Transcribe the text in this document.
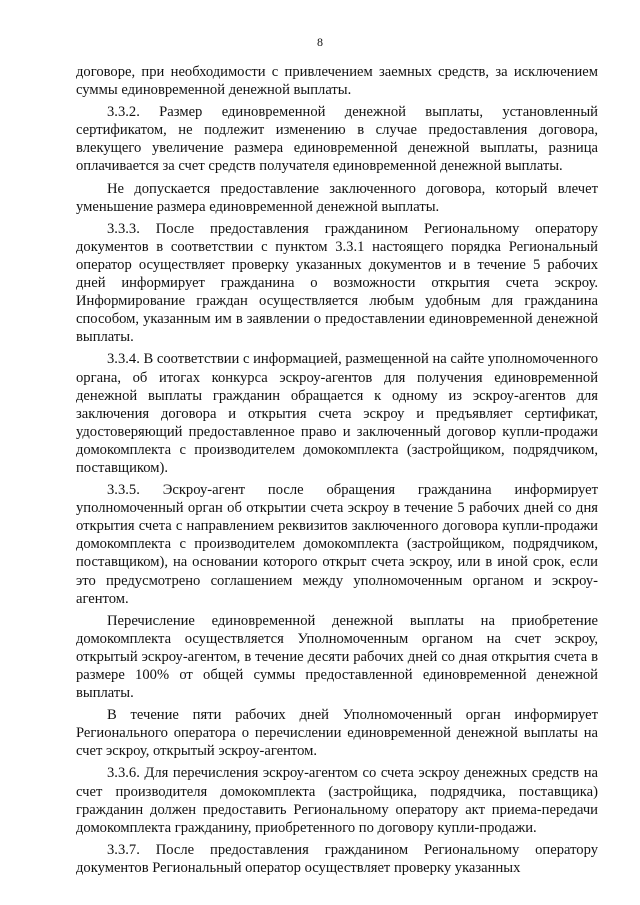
8

договоре, при необходимости с привлечением заемных средств, за исключением суммы единовременной денежной выплаты.

3.3.2. Размер единовременной денежной выплаты, установленный сертификатом, не подлежит изменению в случае предоставления договора, влекущего увеличение размера единовременной денежной выплаты, разница оплачивается за счет средств получателя единовременной денежной выплаты.

Не допускается предоставление заключенного договора, который влечет уменьшение размера единовременной денежной выплаты.

3.3.3. После предоставления гражданином Региональному оператору документов в соответствии с пунктом 3.3.1 настоящего порядка Региональный оператор осуществляет проверку указанных документов и в течение 5 рабочих дней информирует гражданина о возможности открытия счета эскроу. Информирование граждан осуществляется любым удобным для гражданина способом, указанным им в заявлении о предоставлении единовременной денежной выплаты.

3.3.4. В соответствии с информацией, размещенной на сайте уполномоченного органа, об итогах конкурса эскроу-агентов для получения единовременной денежной выплаты гражданин обращается к одному из эскроу-агентов для заключения договора и открытия счета эскроу и предъявляет сертификат, удостоверяющий предоставленное право и заключенный договор купли-продажи домокомплекта с производителем домокомплекта (застройщиком, подрядчиком, поставщиком).

3.3.5. Эскроу-агент после обращения гражданина информирует уполномоченный орган об открытии счета эскроу в течение 5 рабочих дней со дня открытия счета с направлением реквизитов заключенного договора купли-продажи домокомплекта с производителем домокомплекта (застройщиком, подрядчиком, поставщиком), на основании которого открыт счета эскроу, или в иной срок, если это предусмотрено соглашением между уполномоченным органом и эскроу-агентом.

Перечисление единовременной денежной выплаты на приобретение домокомплекта осуществляется Уполномоченным органом на счет эскроу, открытый эскроу-агентом, в течение десяти рабочих дней со дная открытия счета в размере 100% от общей суммы предоставленной единовременной денежной выплаты.

В течение пяти рабочих дней Уполномоченный орган информирует Регионального оператора о перечислении единовременной денежной выплаты на счет эскроу, открытый эскроу-агентом.

3.3.6. Для перечисления эскроу-агентом со счета эскроу денежных средств на счет производителя домокомплекта (застройщика, подрядчика, поставщика) гражданин должен предоставить Региональному оператору акт приема-передачи домокомплекта гражданину, приобретенного по договору купли-продажи.

3.3.7. После предоставления гражданином Региональному оператору документов Региональный оператор осуществляет проверку указанных
